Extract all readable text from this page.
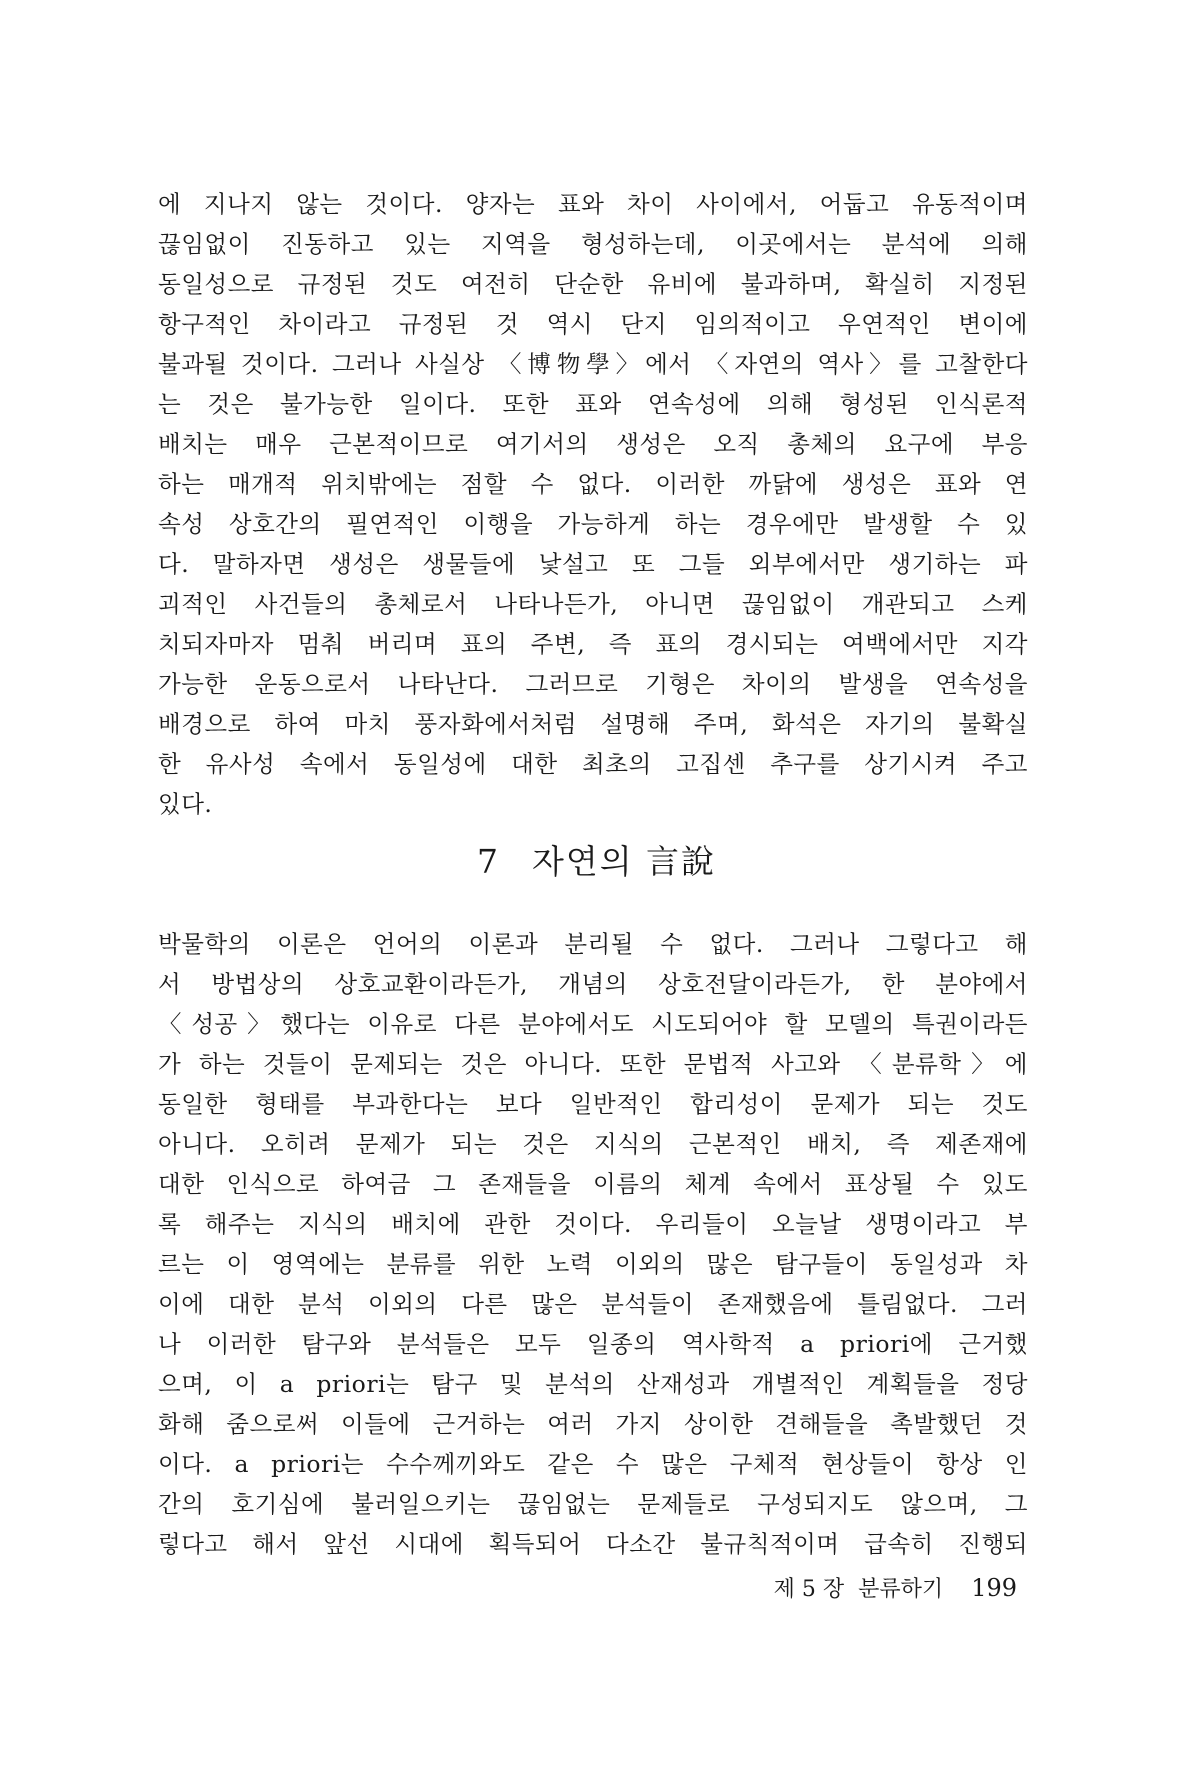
에 지나지 않는 것이다. 양자는 표와 차이 사이에서, 어둡고 유동적이며
끊임없이 진동하고 있는 지역을 형성하는데, 이곳에서는 분석에 의해
동일성으로 규정된 것도 여전히 단순한 유비에 불과하며, 확실히 지정된
항구적인 차이라고 규정된 것 역시 단지 임의적이고 우연적인 변이에
불과될 것이다. 그러나 사실상 〈博物學〉에서 〈자연의 역사〉를 고찰한다
는 것은 불가능한 일이다. 또한 표와 연속성에 의해 형성된 인식론적
배치는 매우 근본적이므로 여기서의 생성은 오직 총체의 요구에 부응
하는 매개적 위치밖에는 점할 수 없다. 이러한 까닭에 생성은 표와 연
속성 상호간의 필연적인 이행을 가능하게 하는 경우에만 발생할 수 있
다. 말하자면 생성은 생물들에 낯설고 또 그들 외부에서만 생기하는 파
괴적인 사건들의 총체로서 나타나든가, 아니면 끊임없이 개관되고 스케
치되자마자 멈춰 버리며 표의 주변, 즉 표의 경시되는 여백에서만 지각
가능한 운동으로서 나타난다. 그러므로 기형은 차이의 발생을 연속성을
배경으로 하여 마치 풍자화에서처럼 설명해 주며, 화석은 자기의 불확실
한 유사성 속에서 동일성에 대한 최초의 고집센 추구를 상기시켜 주고
있다.
7 자연의 言說
박물학의 이론은 언어의 이론과 분리될 수 없다. 그러나 그렇다고 해
서 방법상의 상호교환이라든가, 개념의 상호전달이라든가, 한 분야에서
〈성공〉했다는 이유로 다른 분야에서도 시도되어야 할 모델의 특권이라든
가 하는 것들이 문제되는 것은 아니다. 또한 문법적 사고와 〈분류학〉에
동일한 형태를 부과한다는 보다 일반적인 합리성이 문제가 되는 것도
아니다. 오히려 문제가 되는 것은 지식의 근본적인 배치, 즉 제존재에
대한 인식으로 하여금 그 존재들을 이름의 체계 속에서 표상될 수 있도
록 해주는 지식의 배치에 관한 것이다. 우리들이 오늘날 생명이라고 부
르는 이 영역에는 분류를 위한 노력 이외의 많은 탐구들이 동일성과 차
이에 대한 분석 이외의 다른 많은 분석들이 존재했음에 틀림없다. 그러
나 이러한 탐구와 분석들은 모두 일종의 역사학적 a priori에 근거했
으며, 이 a priori는 탐구 및 분석의 산재성과 개별적인 계획들을 정당
화해 줌으로써 이들에 근거하는 여러 가지 상이한 견해들을 촉발했던 것
이다. a priori는 수수께끼와도 같은 수 많은 구체적 현상들이 항상 인
간의 호기심에 불러일으키는 끊임없는 문제들로 구성되지도 않으며, 그
렇다고 해서 앞선 시대에 획득되어 다소간 불규칙적이며 급속히 진행되
제 5 장 분류하기 199
